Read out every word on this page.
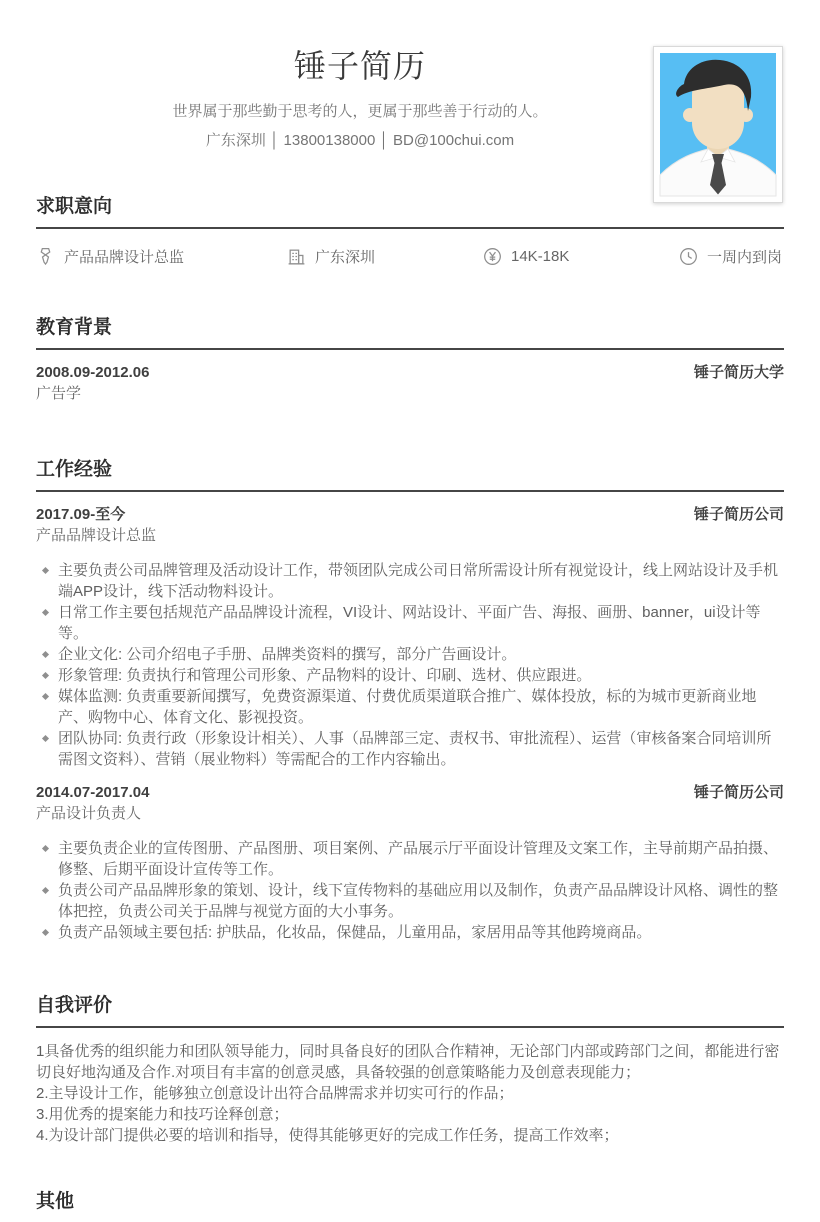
锤子简历
世界属于那些勤于思考的人，更属于那些善于行动的人。
广东深圳 │ 13800138000 │ BD@100chui.com
求职意向
产品品牌设计总监	广东深圳	14K-18K	一周内到岗
教育背景
2008.09-2012.06	锤子简历大学
广告学
工作经验
2017.09-至今	锤子简历公司
产品品牌设计总监
主要负责公司品牌管理及活动设计工作，带领团队完成公司日常所需设计所有视觉设计，线上网站设计及手机端APP设计，线下活动物料设计。
日常工作主要包括规范产品品牌设计流程，VI设计、网站设计、平面广告、海报、画册、banner，ui设计等等。
企业文化: 公司介绍电子手册、品牌类资料的撰写，部分广告画设计。
形象管理: 负责执行和管理公司形象、产品物料的设计、印刷、选材、供应跟进。
媒体监测: 负责重要新闻撰写，免费资源渠道、付费优质渠道联合推广、媒体投放，标的为城市更新商业地产、购物中心、体育文化、影视投资。
团队协同: 负责行政（形象设计相关）、人事（品牌部三定、责权书、审批流程）、运营（审核备案合同培训所需图文资料）、营销（展业物料）等需配合的工作内容输出。
2014.07-2017.04	锤子简历公司
产品设计负责人
主要负责企业的宣传图册、产品图册、项目案例、产品展示厅平面设计管理及文案工作，主导前期产品拍摄、修整、后期平面设计宣传等工作。
负责公司产品品牌形象的策划、设计，线下宣传物料的基础应用以及制作，负责产品品牌设计风格、调性的整体把控，负责公司关于品牌与视觉方面的大小事务。
负责产品领域主要包括: 护肤品，化妆品，保健品，儿童用品，家居用品等其他跨境商品。
自我评价
1具备优秀的组织能力和团队领导能力，同时具备良好的团队合作精神，无论部门内部或跨部门之间，都能进行密切良好地沟通及合作.对项目有丰富的创意灵感，具备较强的创意策略能力及创意表现能力；
2.主导设计工作，能够独立创意设计出符合品牌需求并切实可行的作品；
3.用优秀的提案能力和技巧诠释创意；
4.为设计部门提供必要的培训和指导，使得其能够更好的完成工作任务，提高工作效率；
其他
